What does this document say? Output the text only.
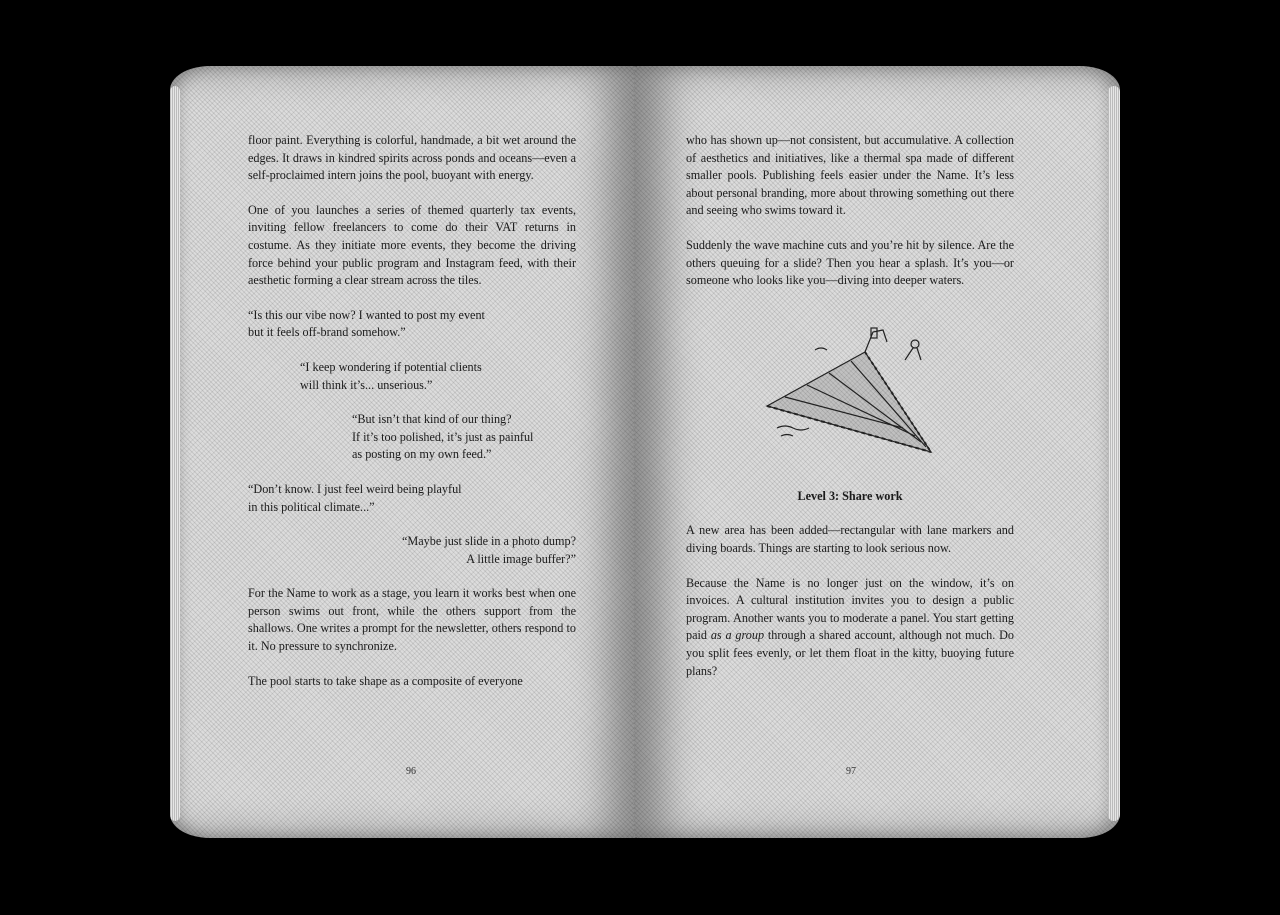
floor paint. Everything is colorful, handmade, a bit wet around the edges. It draws in kindred spirits across ponds and oceans—even a self-proclaimed intern joins the pool, buoyant with energy.

One of you launches a series of themed quarterly tax events, inviting fellow freelancers to come do their VAT returns in costume. As they initiate more events, they become the driving force behind your public program and Instagram feed, with their aesthetic forming a clear stream across the tiles.

“Is this our vibe now? I wanted to post my event
but it feels off-brand somehow.”

“I keep wondering if potential clients
will think it’s... unserious.”

“But isn’t that kind of our thing?
If it’s too polished, it’s just as painful
as posting on my own feed.”

“Don’t know. I just feel weird being playful
in this political climate...”

“Maybe just slide in a photo dump?
A little image buffer?”

For the Name to work as a stage, you learn it works best when one person swims out front, while the others support from the shallows. One writes a prompt for the newsletter, others respond to it. No pressure to synchronize.

The pool starts to take shape as a composite of everyone

96

who has shown up—not consistent, but accumulative. A collection of aesthetics and initiatives, like a thermal spa made of different smaller pools. Publishing feels easier under the Name. It’s less about personal branding, more about throwing something out there and seeing who swims toward it.

Suddenly the wave machine cuts and you’re hit by silence. Are the others queuing for a slide? Then you hear a splash. It’s you—or someone who looks like you—diving into deeper waters.

Level 3: Share work

A new area has been added—rectangular with lane markers and diving boards. Things are starting to look serious now.

Because the Name is no longer just on the window, it’s on invoices. A cultural institution invites you to design a public program. Another wants you to moderate a panel. You start getting paid as a group through a shared account, although not much. Do you split fees evenly, or let them float in the kitty, buoying future plans?

97
